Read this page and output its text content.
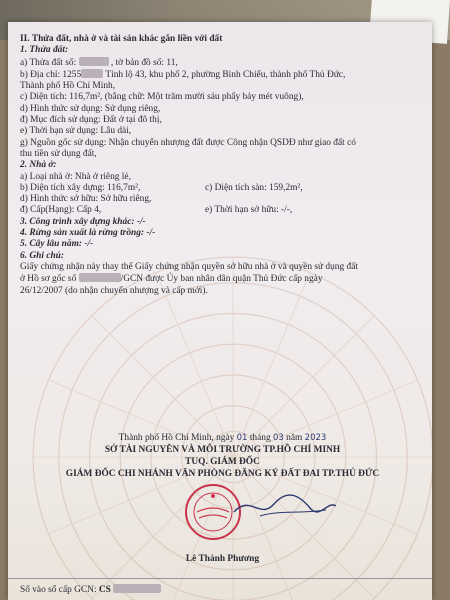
II. Thửa đất, nhà ở và tài sản khác gắn liền với đất
1. Thửa đất:
a) Thửa đất số:	, tờ bản đồ số: 11,
b) Địa chỉ: 1255 Tỉnh lộ 43, khu phố 2, phường Bình Chiểu, thành phố Thủ Đức,
Thành phố Hồ Chí Minh,
c) Diện tích: 116,7m², (bằng chữ: Một trăm mười sáu phẩy bảy mét vuông),
d) Hình thức sử dụng: Sử dụng riêng,
đ) Mục đích sử dụng: Đất ở tại đô thị,
e) Thời hạn sử dụng: Lâu dài,
g) Nguồn gốc sử dụng: Nhận chuyển nhượng đất được Công nhận QSDĐ như giao đất có
thu tiền sử dụng đất,
2. Nhà ở:
a) Loại nhà ở: Nhà ở riêng lẻ,
b) Diện tích xây dựng: 116,7m²,	c) Diện tích sàn: 159,2m²,
d) Hình thức sở hữu: Sở hữu riêng,
đ) Cấp(Hạng): Cấp 4,	e) Thời hạn sở hữu: -/-,
3. Công trình xây dựng khác: -/-
4. Rừng sản xuất là rừng trồng: -/-
5. Cây lâu năm: -/-
6. Ghi chú:
Giấy chứng nhận này thay thế Giấy chứng nhận quyền sở hữu nhà ở và quyền sử dụng đất
ở Hồ sơ gốc số	/GCN được Ủy ban nhân dân quận Thủ Đức cấp ngày
26/12/2007 (do nhận chuyển nhượng và cấp mới).
Thành phố Hồ Chí Minh, ngày 01 tháng 03 năm 2023
SỞ TÀI NGUYÊN VÀ MÔI TRƯỜNG TP.HỒ CHÍ MINH
TUQ. GIÁM ĐỐC
GIÁM ĐỐC CHI NHÁNH VĂN PHÒNG ĐĂNG KÝ ĐẤT ĐAI TP.THỦ ĐỨC
Lê Thành Phương
Số vào sổ cấp GCN: CS
